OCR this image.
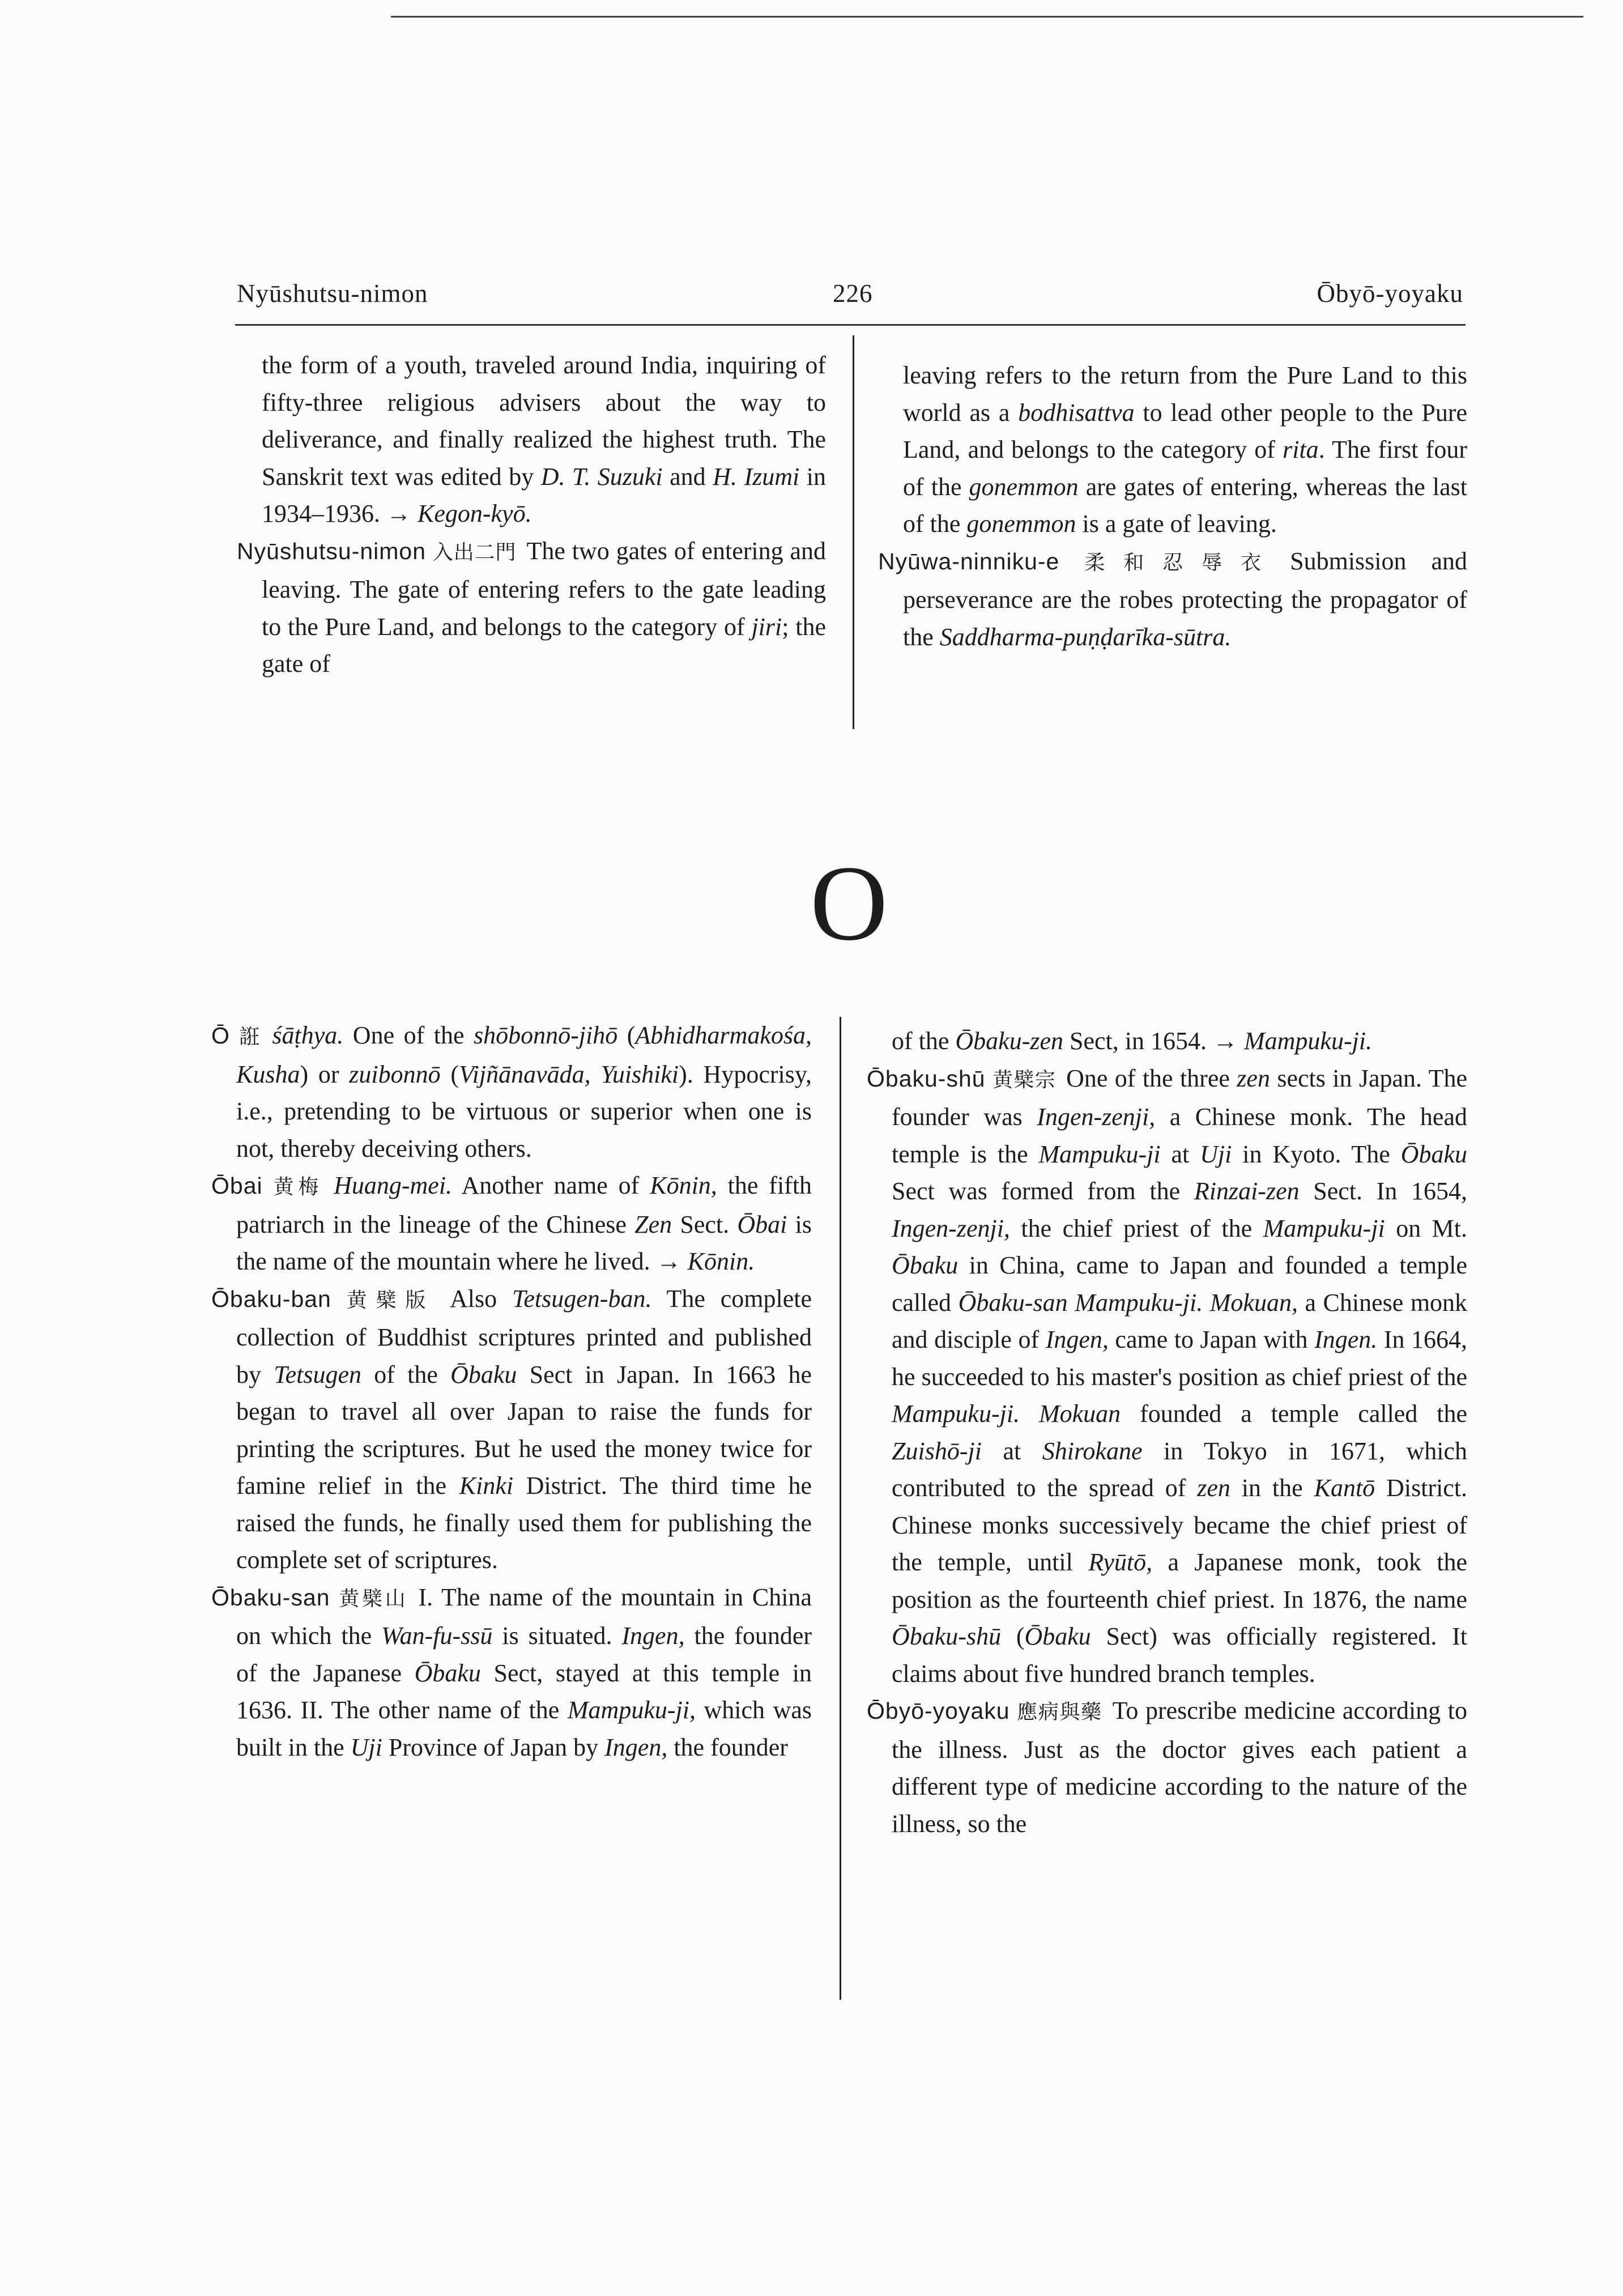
Nyūshutsu-nimon	226	Ōbyō-yoyaku

the form of a youth, traveled around India, inquiring of fifty-three religious advisers about the way to deliverance, and finally realized the highest truth. The Sanskrit text was edited by D. T. Suzuki and H. Izumi in 1934–1936. → Kegon-kyō.

Nyūshutsu-nimon 入出二門 The two gates of entering and leaving. The gate of entering refers to the gate leading to the Pure Land, and belongs to the category of jiri; the gate of

leaving refers to the return from the Pure Land to this world as a bodhisattva to lead other people to the Pure Land, and belongs to the category of rita. The first four of the gonemmon are gates of entering, whereas the last of the gonemmon is a gate of leaving.

Nyūwa-ninniku-e 柔和忍辱衣 Submission and perseverance are the robes protecting the propagator of the Saddharma-puṇḍarīka-sūtra.

O

Ō 誑 śāṭhya. One of the shōbonnō-jihō (Abhidharmakośa, Kusha) or zuibonnō (Vijñānavāda, Yuishiki). Hypocrisy, i.e., pretending to be virtuous or superior when one is not, thereby deceiving others.

Ōbai 黄梅 Huang-mei. Another name of Kōnin, the fifth patriarch in the lineage of the Chinese Zen Sect. Ōbai is the name of the mountain where he lived. → Kōnin.

Ōbaku-ban 黄檗版 Also Tetsugen-ban. The complete collection of Buddhist scriptures printed and published by Tetsugen of the Ōbaku Sect in Japan. In 1663 he began to travel all over Japan to raise the funds for printing the scriptures. But he used the money twice for famine relief in the Kinki District. The third time he raised the funds, he finally used them for publishing the complete set of scriptures.

Ōbaku-san 黄檗山 I. The name of the mountain in China on which the Wan-fu-ssū is situated. Ingen, the founder of the Japanese Ōbaku Sect, stayed at this temple in 1636. II. The other name of the Mampuku-ji, which was built in the Uji Province of Japan by Ingen, the founder

of the Ōbaku-zen Sect, in 1654. → Mampuku-ji.

Ōbaku-shū 黄檗宗 One of the three zen sects in Japan. The founder was Ingen-zenji, a Chinese monk. The head temple is the Mampuku-ji at Uji in Kyoto. The Ōbaku Sect was formed from the Rinzai-zen Sect. In 1654, Ingen-zenji, the chief priest of the Mampuku-ji on Mt. Ōbaku in China, came to Japan and founded a temple called Ōbaku-san Mampuku-ji. Mokuan, a Chinese monk and disciple of Ingen, came to Japan with Ingen. In 1664, he succeeded to his master's position as chief priest of the Mampuku-ji. Mokuan founded a temple called the Zuishō-ji at Shirokane in Tokyo in 1671, which contributed to the spread of zen in the Kantō District. Chinese monks successively became the chief priest of the temple, until Ryūtō, a Japanese monk, took the position as the fourteenth chief priest. In 1876, the name Ōbaku-shū (Ōbaku Sect) was officially registered. It claims about five hundred branch temples.

Ōbyō-yoyaku 應病與藥 To prescribe medicine according to the illness. Just as the doctor gives each patient a different type of medicine according to the nature of the illness, so the
